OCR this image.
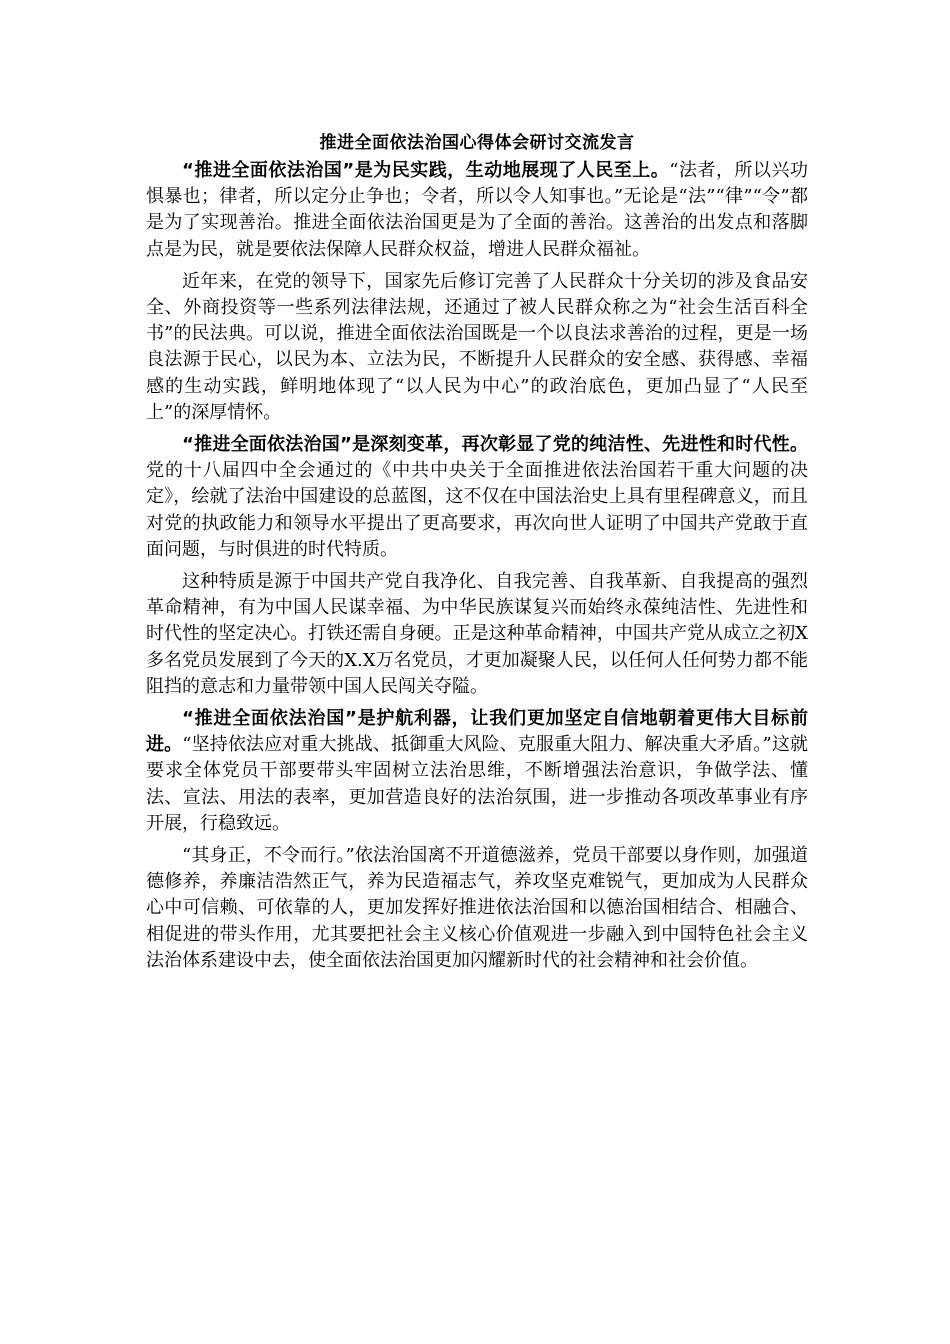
推进全面依法治国心得体会研讨交流发言

“推进全面依法治国”是为民实践，生动地展现了人民至上。“法者，所以兴功惧暴也；律者，所以定分止争也；令者，所以令人知事也。”无论是“法”“律”“令”都是为了实现善治。推进全面依法治国更是为了全面的善治。这善治的出发点和落脚点是为民，就是要依法保障人民群众权益，增进人民群众福祉。

近年来，在党的领导下，国家先后修订完善了人民群众十分关切的涉及食品安全、外商投资等一些系列法律法规，还通过了被人民群众称之为“社会生活百科全书”的民法典。可以说，推进全面依法治国既是一个以良法求善治的过程，更是一场良法源于民心，以民为本、立法为民，不断提升人民群众的安全感、获得感、幸福感的生动实践，鲜明地体现了“以人民为中心”的政治底色，更加凸显了“人民至上”的深厚情怀。

“推进全面依法治国”是深刻变革，再次彰显了党的纯洁性、先进性和时代性。党的十八届四中全会通过的《中共中央关于全面推进依法治国若干重大问题的决定》，绘就了法治中国建设的总蓝图，这不仅在中国法治史上具有里程碑意义，而且对党的执政能力和领导水平提出了更高要求，再次向世人证明了中国共产党敢于直面问题，与时俱进的时代特质。

这种特质是源于中国共产党自我净化、自我完善、自我革新、自我提高的强烈革命精神，有为中国人民谋幸福、为中华民族谋复兴而始终永葆纯洁性、先进性和时代性的坚定决心。打铁还需自身硬。正是这种革命精神，中国共产党从成立之初X多名党员发展到了今天的X.X万名党员，才更加凝聚人民，以任何人任何势力都不能阻挡的意志和力量带领中国人民闯关夺隘。

“推进全面依法治国”是护航利器，让我们更加坚定自信地朝着更伟大目标前进。“坚持依法应对重大挑战、抵御重大风险、克服重大阻力、解决重大矛盾。”这就要求全体党员干部要带头牢固树立法治思维，不断增强法治意识，争做学法、懂法、宣法、用法的表率，更加营造良好的法治氛围，进一步推动各项改革事业有序开展，行稳致远。

“其身正，不令而行。”依法治国离不开道德滋养，党员干部要以身作则，加强道德修养，养廉洁浩然正气，养为民造福志气，养攻坚克难锐气，更加成为人民群众心中可信赖、可依靠的人，更加发挥好推进依法治国和以德治国相结合、相融合、相促进的带头作用，尤其要把社会主义核心价值观进一步融入到中国特色社会主义法治体系建设中去，使全面依法治国更加闪耀新时代的社会精神和社会价值。
